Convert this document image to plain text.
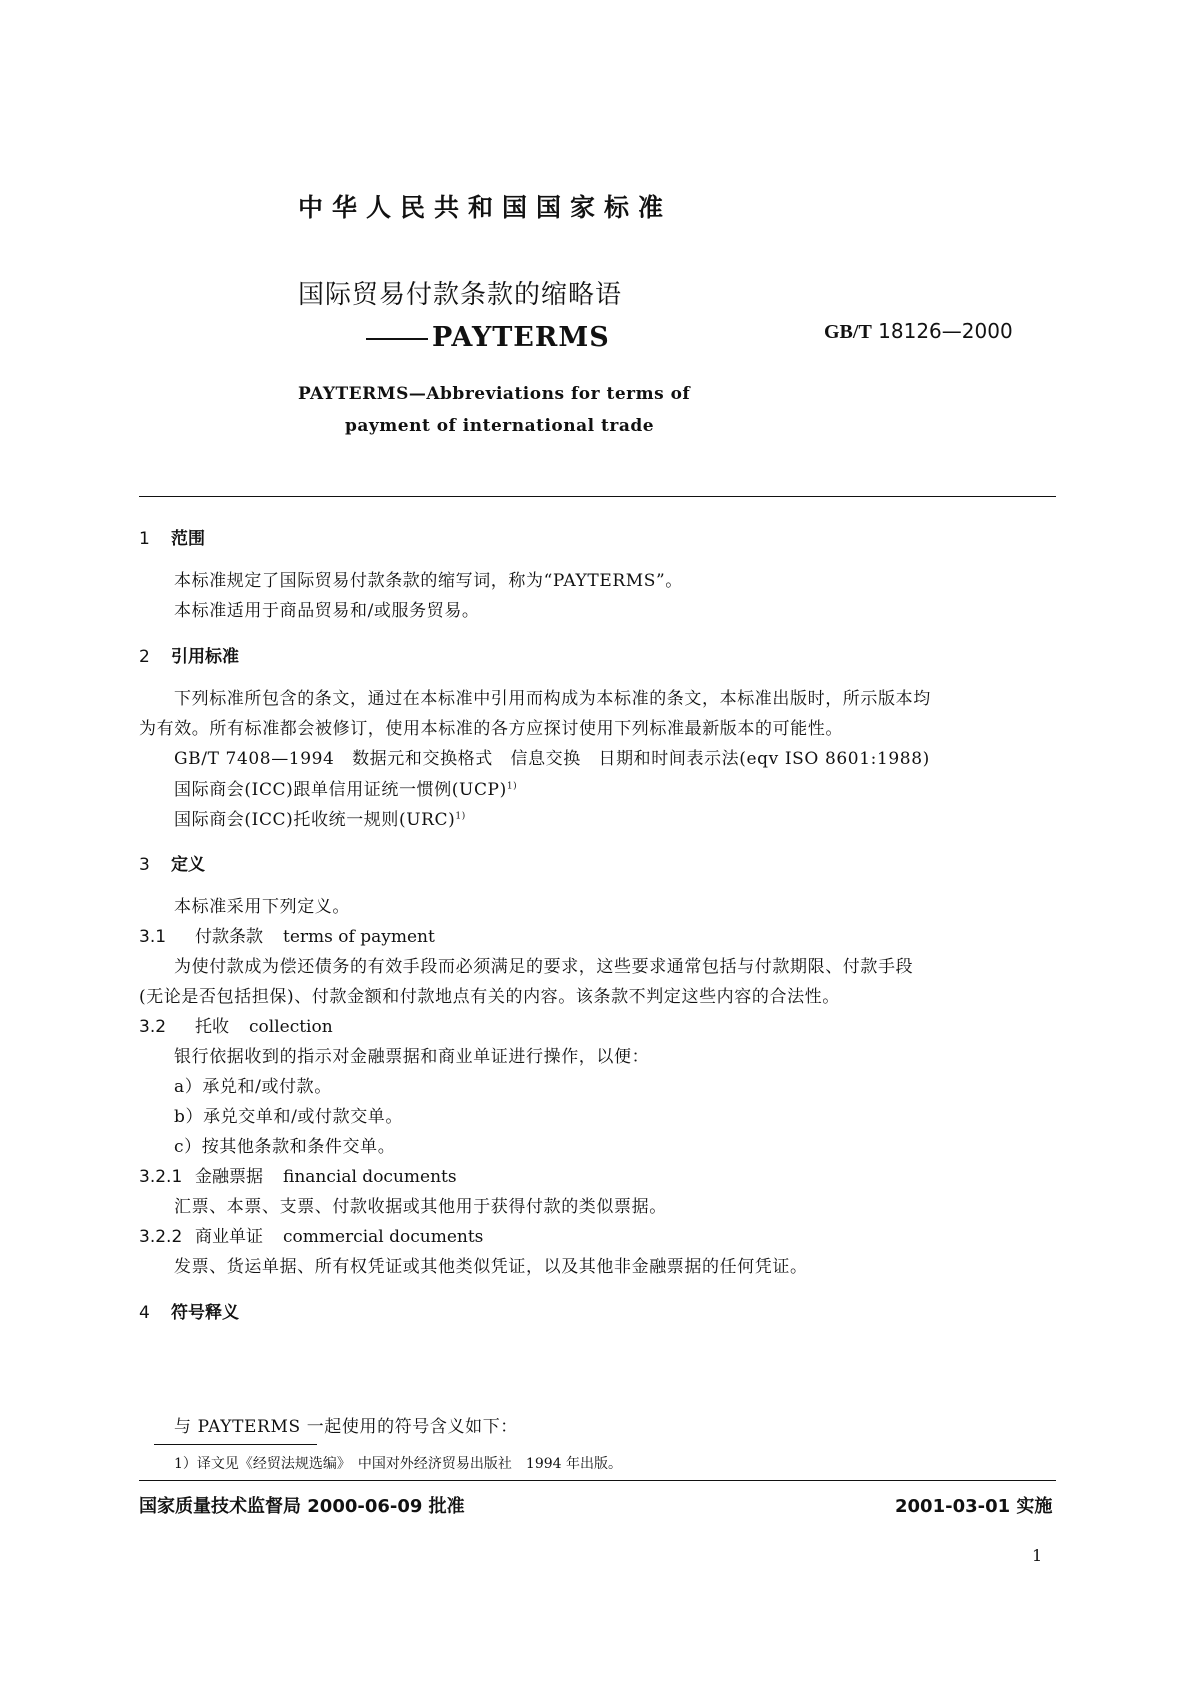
中华人民共和国国家标准
国际贸易付款条款的缩略语
PAYTERMS	GB/T 18126—2000
PAYTERMS—Abbreviations for terms of
payment of international trade
1 范围
本标准规定了国际贸易付款条款的缩写词，称为“PAYTERMS”。
本标准适用于商品贸易和/或服务贸易。
2 引用标准
下列标准所包含的条文，通过在本标准中引用而构成为本标准的条文，本标准出版时，所示版本均
为有效。所有标准都会被修订，使用本标准的各方应探讨使用下列标准最新版本的可能性。
GB/T 7408—1994　数据元和交换格式　信息交换　日期和时间表示法(eqv ISO 8601:1988)
国际商会(ICC)跟单信用证统一惯例(UCP)$^{1)}$
国际商会(ICC)托收统一规则(URC)$^{1)}$
3 定义
本标准采用下列定义。
3.1 付款条款 terms of payment
为使付款成为偿还债务的有效手段而必须满足的要求，这些要求通常包括与付款期限、付款手段
(无论是否包括担保)、付款金额和付款地点有关的内容。该条款不判定这些内容的合法性。
3.2 托收 collection
银行依据收到的指示对金融票据和商业单证进行操作，以便：
a）承兑和/或付款。
b）承兑交单和/或付款交单。
c）按其他条款和条件交单。
3.2.1 金融票据 financial documents
汇票、本票、支票、付款收据或其他用于获得付款的类似票据。
3.2.2 商业单证 commercial documents
发票、货运单据、所有权凭证或其他类似凭证，以及其他非金融票据的任何凭证。
4 符号释义
与 PAYTERMS 一起使用的符号含义如下：
1）译文见《经贸法规选编》　中国对外经济贸易出版社　1994 年出版。
国家质量技术监督局 2000-06-09 批准	2001-03-01 实施
1
